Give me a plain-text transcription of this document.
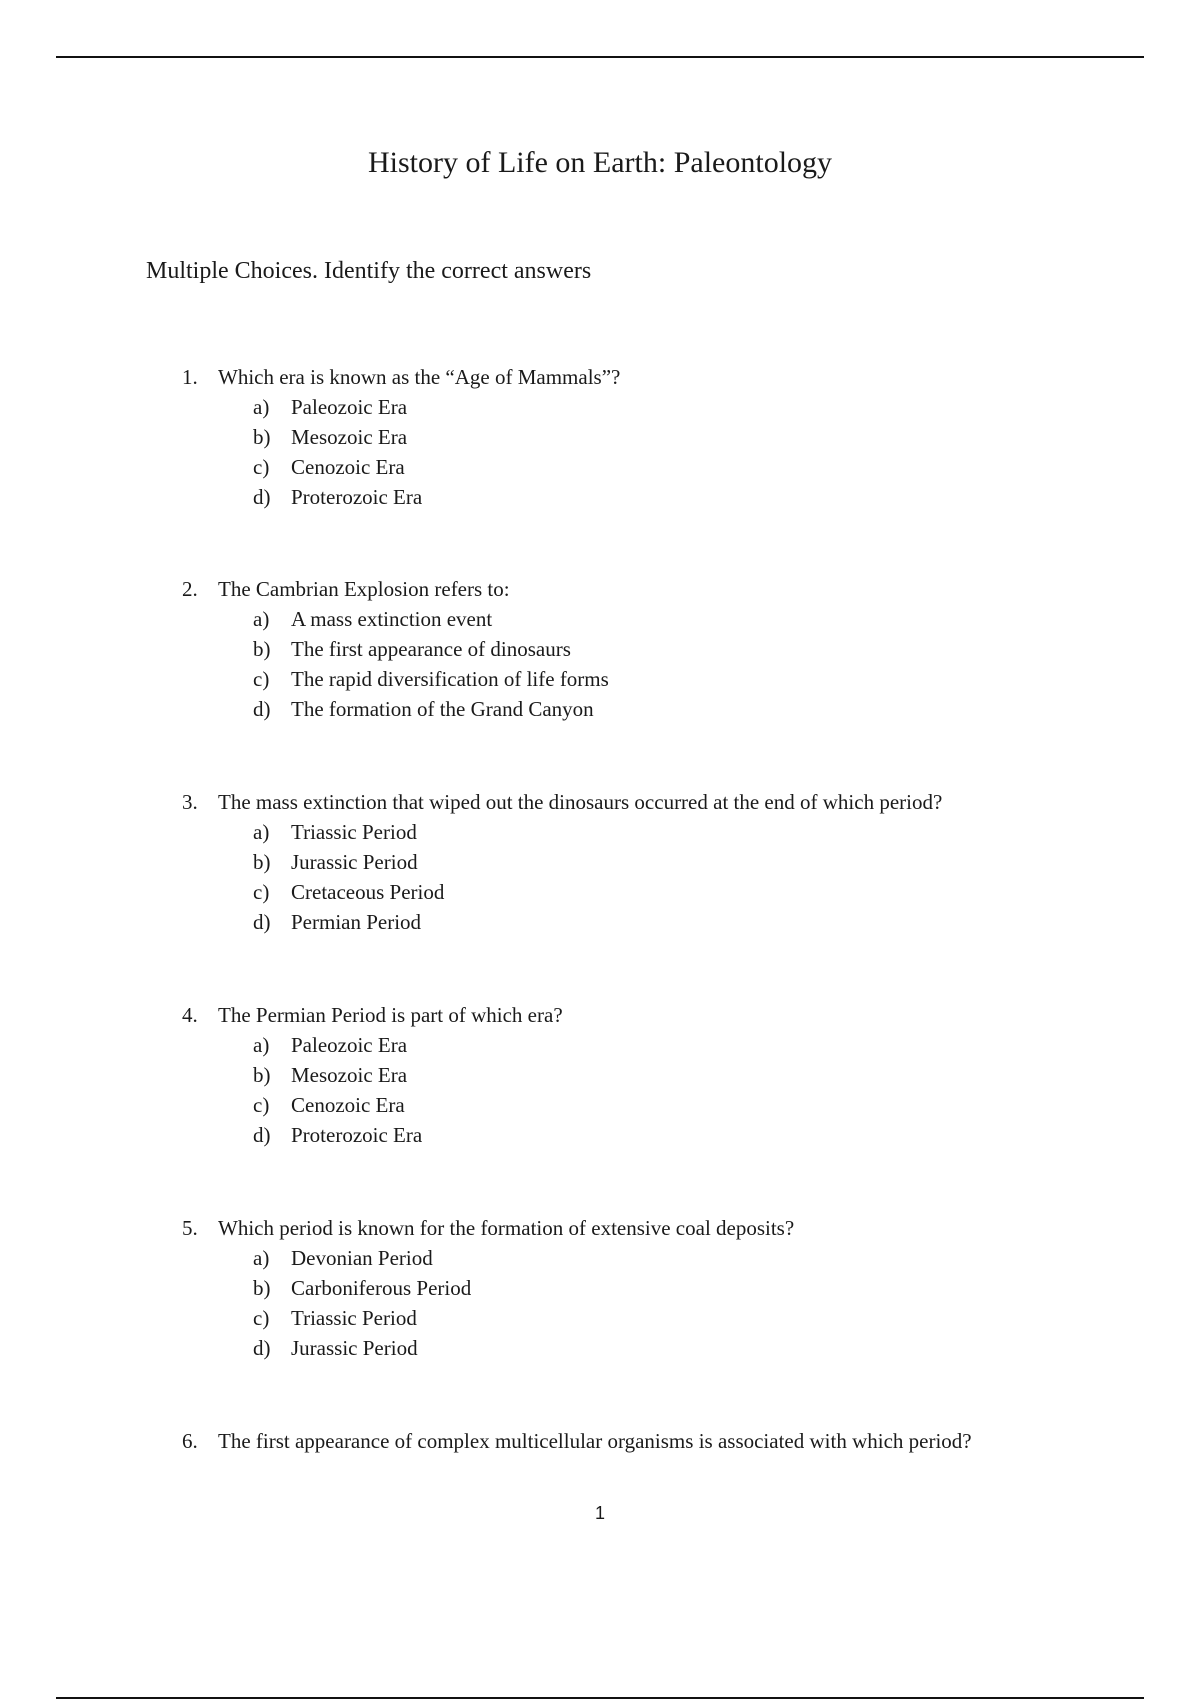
History of Life on Earth: Paleontology
Multiple Choices. Identify the correct answers
1. Which era is known as the “Age of Mammals”?
a)	Paleozoic Era
b) Mesozoic Era
c)	Cenozoic Era
d) Proterozoic Era
2. The Cambrian Explosion refers to:
a)	A mass extinction event
b) The first appearance of dinosaurs
c)	The rapid diversification of life forms
d) The formation of the Grand Canyon
3. The mass extinction that wiped out the dinosaurs occurred at the end of which period?
a)	Triassic Period
b) Jurassic Period
c)	Cretaceous Period
d) Permian Period
4. The Permian Period is part of which era?
a)	Paleozoic Era
b) Mesozoic Era
c)	Cenozoic Era
d) Proterozoic Era
5. Which period is known for the formation of extensive coal deposits?
a)	Devonian Period
b) Carboniferous Period
c)	Triassic Period
d) Jurassic Period
6. The first appearance of complex multicellular organisms is associated with which period?
1
